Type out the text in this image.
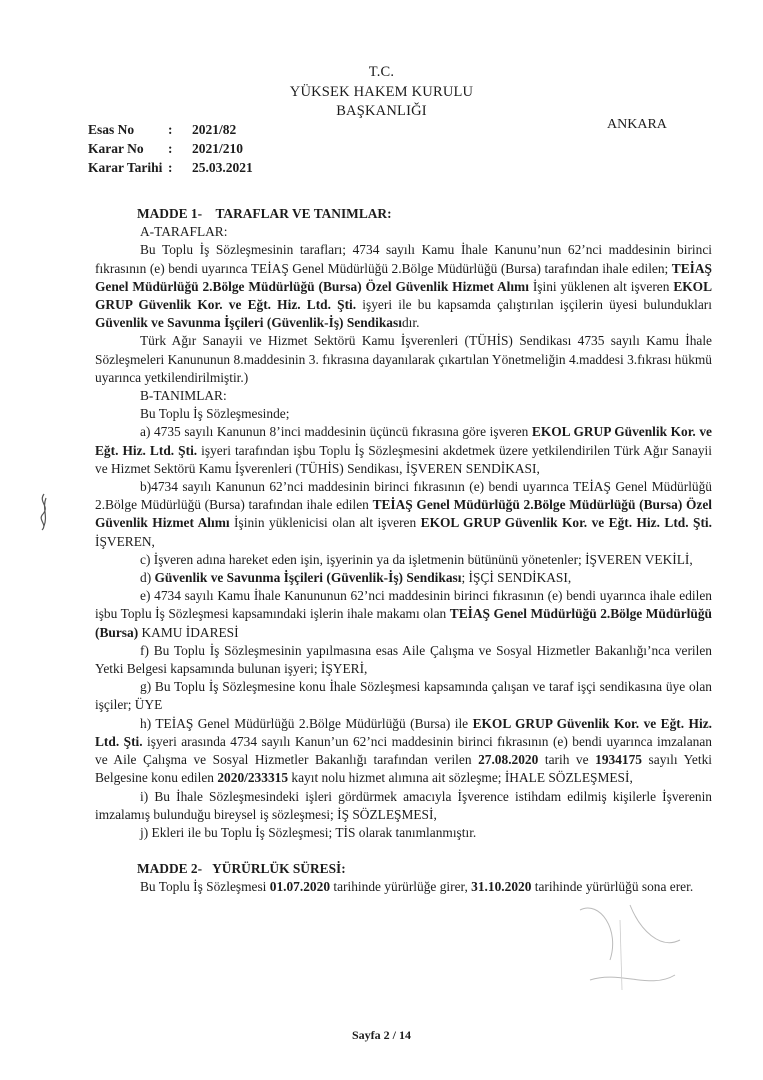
T.C.
YÜKSEK HAKEM KURULU
BAŞKANLIĞI
Esas No	: 2021/82
Karar No : 2021/210
Karar Tarihi : 25.03.2021
ANKARA

MADDE 1- TARAFLAR VE TANIMLAR:

A-TARAFLAR:

Bu Toplu İş Sözleşmesinin tarafları; 4734 sayılı Kamu İhale Kanunu’nun 62’nci maddesinin birinci fıkrasının (e) bendi uyarınca TEİAŞ Genel Müdürlüğü 2.Bölge Müdürlüğü (Bursa) tarafından ihale edilen; TEİAŞ Genel Müdürlüğü 2.Bölge Müdürlüğü (Bursa) Özel Güvenlik Hizmet Alımı İşini yüklenen alt işveren EKOL GRUP Güvenlik Kor. ve Eğt. Hiz. Ltd. Şti. işyeri ile bu kapsamda çalıştırılan işçilerin üyesi bulundukları Güvenlik ve Savunma İşçileri (Güvenlik-İş) Sendikasıdır.

Türk Ağır Sanayii ve Hizmet Sektörü Kamu İşverenleri (TÜHİS) Sendikası 4735 sayılı Kamu İhale Sözleşmeleri Kanununun 8.maddesinin 3. fıkrasına dayanılarak çıkartılan Yönetmeliğin 4.maddesi 3.fıkrası hükmü uyarınca yetkilendirilmiştir.)

B-TANIMLAR:

Bu Toplu İş Sözleşmesinde;

a) 4735 sayılı Kanunun 8’inci maddesinin üçüncü fıkrasına göre işveren EKOL GRUP Güvenlik Kor. ve Eğt. Hiz. Ltd. Şti. işyeri tarafından işbu Toplu İş Sözleşmesini akdetmek üzere yetkilendirilen Türk Ağır Sanayii ve Hizmet Sektörü Kamu İşverenleri (TÜHİS) Sendikası, İŞVEREN SENDİKASI,

b)4734 sayılı Kanunun 62’nci maddesinin birinci fıkrasının (e) bendi uyarınca TEİAŞ Genel Müdürlüğü 2.Bölge Müdürlüğü (Bursa) tarafından ihale edilen TEİAŞ Genel Müdürlüğü 2.Bölge Müdürlüğü (Bursa) Özel Güvenlik Hizmet Alımı İşinin yüklenicisi olan alt işveren EKOL GRUP Güvenlik Kor. ve Eğt. Hiz. Ltd. Şti. İŞVEREN,

c) İşveren adına hareket eden işin, işyerinin ya da işletmenin bütününü yönetenler; İŞVEREN VEKİLİ,

d) Güvenlik ve Savunma İşçileri (Güvenlik-İş) Sendikası; İŞÇİ SENDİKASI,

e) 4734 sayılı Kamu İhale Kanununun 62’nci maddesinin birinci fıkrasının (e) bendi uyarınca ihale edilen işbu Toplu İş Sözleşmesi kapsamındaki işlerin ihale makamı olan TEİAŞ Genel Müdürlüğü 2.Bölge Müdürlüğü (Bursa) KAMU İDARESİ

f) Bu Toplu İş Sözleşmesinin yapılmasına esas Aile Çalışma ve Sosyal Hizmetler Bakanlığı’nca verilen Yetki Belgesi kapsamında bulunan işyeri; İŞYERİ,

g) Bu Toplu İş Sözleşmesine konu İhale Sözleşmesi kapsamında çalışan ve taraf işçi sendikasına üye olan işçiler; ÜYE

h) TEİAŞ Genel Müdürlüğü 2.Bölge Müdürlüğü (Bursa) ile EKOL GRUP Güvenlik Kor. ve Eğt. Hiz. Ltd. Şti. işyeri arasında 4734 sayılı Kanun’un 62’nci maddesinin birinci fıkrasının (e) bendi uyarınca imzalanan ve Aile Çalışma ve Sosyal Hizmetler Bakanlığı tarafından verilen 27.08.2020 tarih ve 1934175 sayılı Yetki Belgesine konu edilen 2020/233315 kayıt nolu hizmet alımına ait sözleşme; İHALE SÖZLEŞMESİ,

i) Bu İhale Sözleşmesindeki işleri gördürmek amacıyla İşverence istihdam edilmiş kişilerle İşverenin imzalamış bulunduğu bireysel iş sözleşmesi; İŞ SÖZLEŞMESİ,

j) Ekleri ile bu Toplu İş Sözleşmesi; TİS olarak tanımlanmıştır.

MADDE 2- YÜRÜRLÜK SÜRESİ:

Bu Toplu İş Sözleşmesi 01.07.2020 tarihinde yürürlüğe girer, 31.10.2020 tarihinde yürürlüğü sona erer.

Sayfa 2 / 14
